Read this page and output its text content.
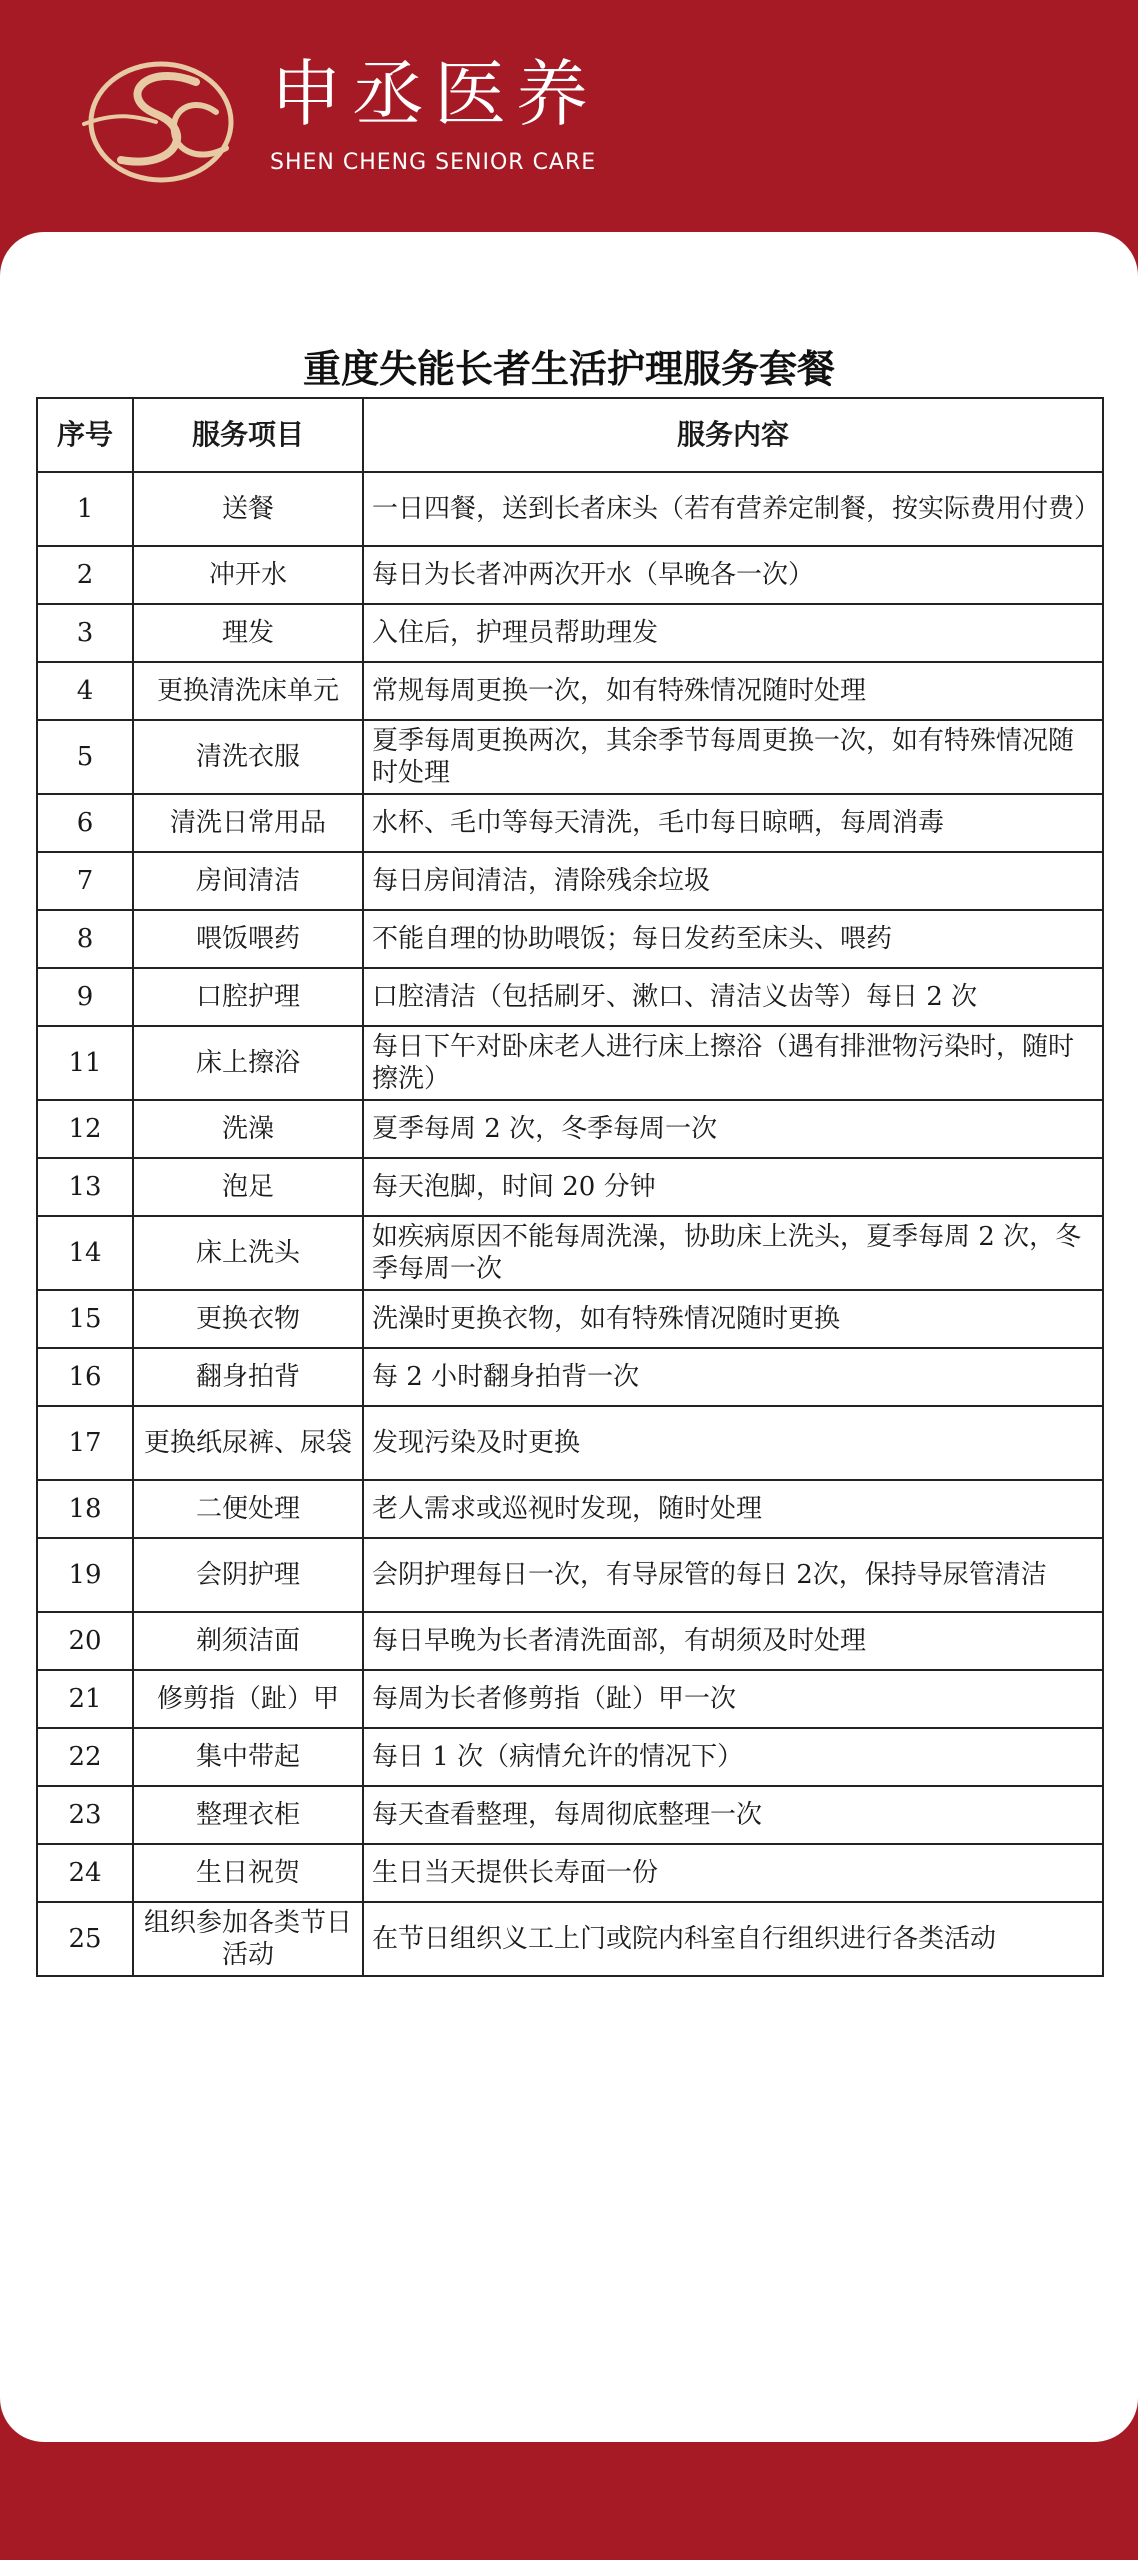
申丞医养
SHEN CHENG SENIOR CARE
重度失能长者生活护理服务套餐
序号	服务项目	服务内容
1	送餐	一日四餐，送到长者床头（若有营养定制餐，按实际费用付费）
2	冲开水	每日为长者冲两次开水（早晚各一次）
3	理发	入住后，护理员帮助理发
4	更换清洗床单元	常规每周更换一次，如有特殊情况随时处理
5	清洗衣服	夏季每周更换两次，其余季节每周更换一次，如有特殊情况随时处理
6	清洗日常用品	水杯、毛巾等每天清洗，毛巾每日晾晒，每周消毒
7	房间清洁	每日房间清洁，清除残余垃圾
8	喂饭喂药	不能自理的协助喂饭；每日发药至床头、喂药
9	口腔护理	口腔清洁（包括刷牙、漱口、清洁义齿等）每日 2 次
11	床上擦浴	每日下午对卧床老人进行床上擦浴（遇有排泄物污染时，随时擦洗）
12	洗澡	夏季每周 2 次，冬季每周一次
13	泡足	每天泡脚，时间 20 分钟
14	床上洗头	如疾病原因不能每周洗澡，协助床上洗头，夏季每周 2 次，冬季每周一次
15	更换衣物	洗澡时更换衣物，如有特殊情况随时更换
16	翻身拍背	每 2 小时翻身拍背一次
17	更换纸尿裤、尿袋	发现污染及时更换
18	二便处理	老人需求或巡视时发现，随时处理
19	会阴护理	会阴护理每日一次，有导尿管的每日 2次，保持导尿管清洁
20	剃须洁面	每日早晚为长者清洗面部，有胡须及时处理
21	修剪指（趾）甲	每周为长者修剪指（趾）甲一次
22	集中带起	每日 1 次（病情允许的情况下）
23	整理衣柜	每天查看整理，每周彻底整理一次
24	生日祝贺	生日当天提供长寿面一份
25	组织参加各类节日活动	在节日组织义工上门或院内科室自行组织进行各类活动
